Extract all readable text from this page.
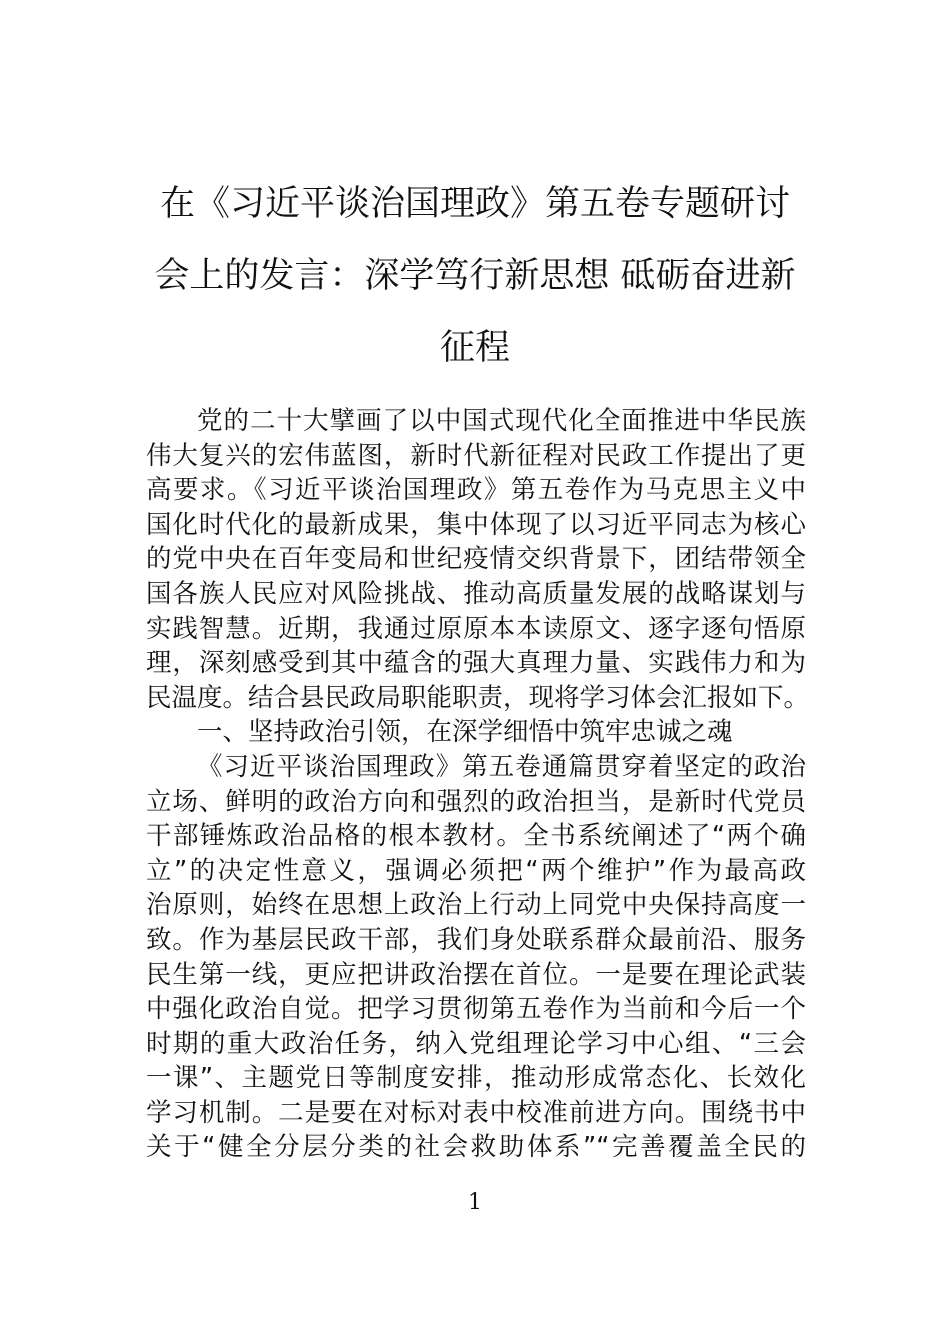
在《习近平谈治国理政》第五卷专题研讨
会上的发言：深学笃行新思想 砥砺奋进新
征程
党的二十大擘画了以中国式现代化全面推进中华民族
伟大复兴的宏伟蓝图，新时代新征程对民政工作提出了更
高要求。《习近平谈治国理政》第五卷作为马克思主义中
国化时代化的最新成果，集中体现了以习近平同志为核心
的党中央在百年变局和世纪疫情交织背景下，团结带领全
国各族人民应对风险挑战、推动高质量发展的战略谋划与
实践智慧。近期，我通过原原本本读原文、逐字逐句悟原
理，深刻感受到其中蕴含的强大真理力量、实践伟力和为
民温度。结合县民政局职能职责，现将学习体会汇报如下。
一、坚持政治引领，在深学细悟中筑牢忠诚之魂
《习近平谈治国理政》第五卷通篇贯穿着坚定的政治
立场、鲜明的政治方向和强烈的政治担当，是新时代党员
干部锤炼政治品格的根本教材。全书系统阐述了“两个确
立”的决定性意义，强调必须把“两个维护”作为最高政
治原则，始终在思想上政治上行动上同党中央保持高度一
致。作为基层民政干部，我们身处联系群众最前沿、服务
民生第一线，更应把讲政治摆在首位。一是要在理论武装
中强化政治自觉。把学习贯彻第五卷作为当前和今后一个
时期的重大政治任务，纳入党组理论学习中心组、“三会
一课”、主题党日等制度安排，推动形成常态化、长效化
学习机制。二是要在对标对表中校准前进方向。围绕书中
关于“健全分层分类的社会救助体系”“完善覆盖全民的
1
